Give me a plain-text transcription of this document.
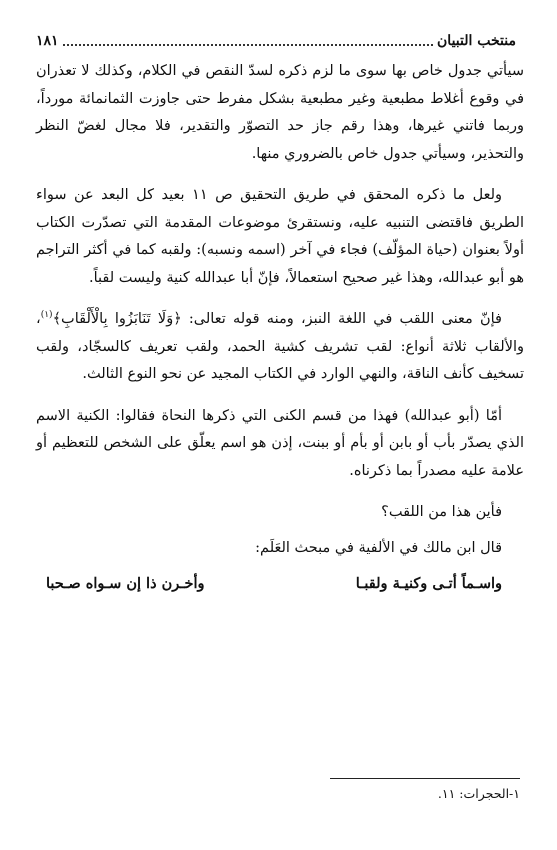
منتخب التبيان
١٨١

سيأتي جدول خاص بها سوى ما لزم ذكره لسدّ النقص في الكلام، وكذلك لا تعذران في وقوع أغلاط مطبعية وغير مطبعية بشكل مفرط حتى جاوزت الثمانمائة مورداً، وربما فاتني غيرها، وهذا رقم جاز حد التصوّر والتقدير، فلا مجال لغضّ النظر والتحذير، وسيأتي جدول خاص بالضروري منها.

ولعل ما ذكره المحقق في طريق التحقيق ص ١١ بعيد كل البعد عن سواء الطريق فاقتضى التنبيه عليه، ونستقرئ موضوعات المقدمة التي تصدّرت الكتاب أولاً بعنوان (حياة المؤلّف) فجاء في آخر (اسمه ونسبه): ولقبه كما في أكثر التراجم هو أبو عبدالله، وهذا غير صحيح استعمالاً، فإنّ أبا عبدالله كنية وليست لقباً.

فإنّ معنى اللقب في اللغة النبز، ومنه قوله تعالى: ﴿وَلَا تَنَابَزُوا بِالْأَلْقَابِ﴾$^{(١)}$، والألقاب ثلاثة أنواع: لقب تشريف كشية الحمد، ولقب تعريف كالسجّاد، ولقب تسخيف كأنف الناقة، والنهي الوارد في الكتاب المجيد عن نحو النوع الثالث.

أمّا (أبو عبدالله) فهذا من قسم الكنى التي ذكرها النحاة فقالوا: الكنية الاسم الذي يصدّر بأب أو بابن أو بأم أو ببنت، إذن هو اسم يعلّق على الشخص للتعظيم أو علامة عليه مصدراً بما ذكرناه.

فأين هذا من اللقب؟

قال ابن مالك في الألفية في مبحث العَلَم:

واسـماً أتـى وكنيـة ولقبـا
وأخـرن ذا إن سـواه صـحبا
١-الحجرات: ١١.
